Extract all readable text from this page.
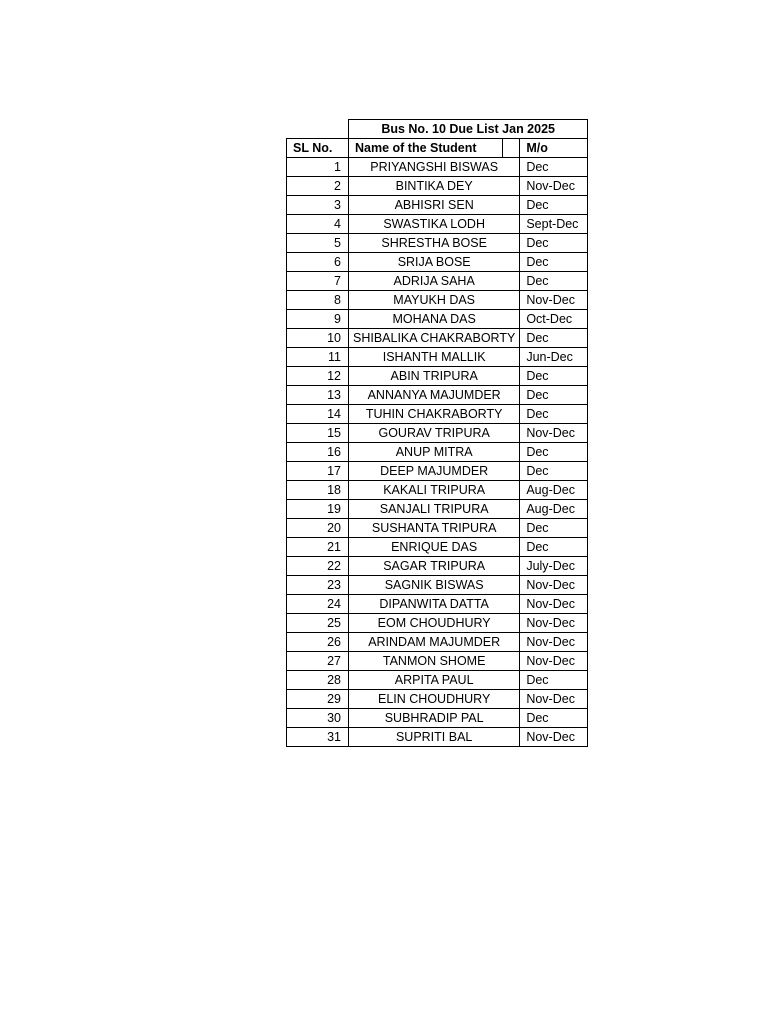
	Bus No. 10 Due List Jan 2025		
SL No.	Name of the Student		M/o
1	PRIYANGSHI BISWAS		Dec
2	BINTIKA DEY		Nov-Dec
3	ABHISRI SEN		Dec
4	SWASTIKA LODH		Sept-Dec
5	SHRESTHA BOSE		Dec
6	SRIJA BOSE		Dec
7	ADRIJA SAHA		Dec
8	MAYUKH DAS		Nov-Dec
9	MOHANA DAS		Oct-Dec
10	SHIBALIKA CHAKRABORTY		Dec
11	ISHANTH MALLIK		Jun-Dec
12	ABIN TRIPURA		Dec
13	ANNANYA MAJUMDER		Dec
14	TUHIN CHAKRABORTY		Dec
15	GOURAV TRIPURA		Nov-Dec
16	ANUP MITRA		Dec
17	DEEP MAJUMDER		Dec
18	KAKALI TRIPURA		Aug-Dec
19	SANJALI TRIPURA		Aug-Dec
20	SUSHANTA TRIPURA		Dec
21	ENRIQUE DAS		Dec
22	SAGAR TRIPURA		July-Dec
23	SAGNIK BISWAS		Nov-Dec
24	DIPANWITA DATTA		Nov-Dec
25	EOM CHOUDHURY		Nov-Dec
26	ARINDAM MAJUMDER		Nov-Dec
27	TANMON SHOME		Nov-Dec
28	ARPITA PAUL		Dec
29	ELIN CHOUDHURY		Nov-Dec
30	SUBHRADIP PAL		Dec
31	SUPRITI BAL		Nov-Dec
